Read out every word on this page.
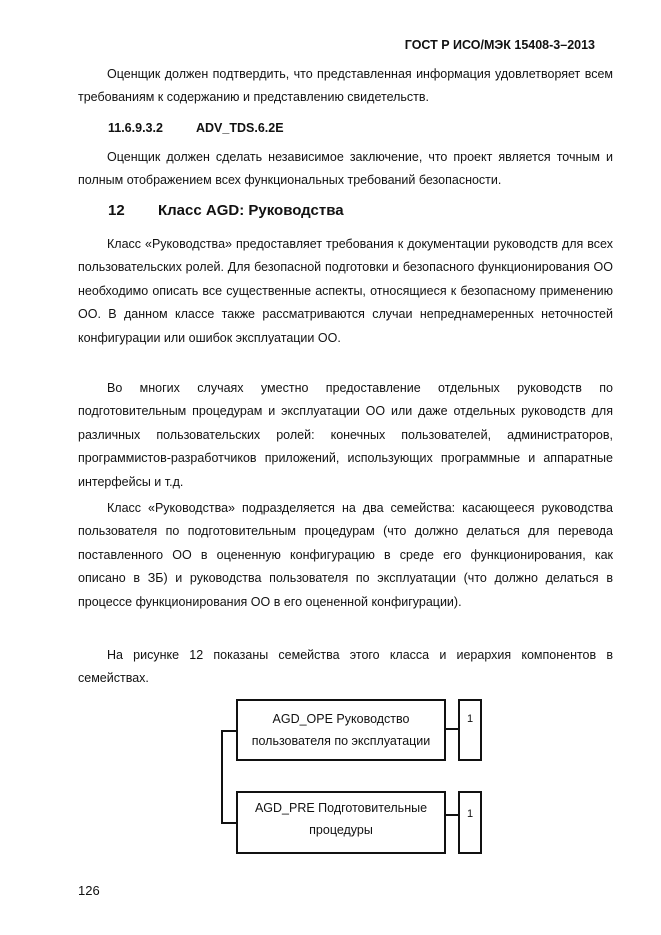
ГОСТ Р ИСО/МЭК 15408-3–2013

Оценщик должен подтвердить, что представленная информация удовлетворяет всем требованиям к содержанию и представлению свидетельств.

11.6.9.3.2	ADV_TDS.6.2E

Оценщик должен сделать независимое заключение, что проект является точным и полным отображением всех функциональных требований безопасности.

12 Класс AGD: Руководства

Класс «Руководства» предоставляет требования к документации руководств для всех пользовательских ролей. Для безопасной подготовки и безопасного функционирования ОО необходимо описать все существенные аспекты, относящиеся к безопасному применению ОО. В данном классе также рассматриваются случаи непреднамеренных неточностей конфигурации или ошибок эксплуатации ОО.

Во многих случаях уместно предоставление отдельных руководств по подготовительным процедурам и эксплуатации ОО или даже отдельных руководств для различных пользовательских ролей: конечных пользователей, администраторов, программистов-разработчиков приложений, использующих программные и аппаратные интерфейсы и т.д.

Класс «Руководства» подразделяется на два семейства: касающееся руководства пользователя по подготовительным процедурам (что должно делаться для перевода поставленного ОО в оцененную конфигурацию в среде его функционирования, как описано в ЗБ) и руководства пользователя по эксплуатации (что должно делаться в процессе функционирования ОО в его оцененной конфигурации).

На рисунке 12 показаны семейства этого класса и иерархия компонентов в семействах.

AGD_OPE Руководство
пользователя по эксплуатации
1
AGD_PRE Подготовительные
процедуры
1
126
